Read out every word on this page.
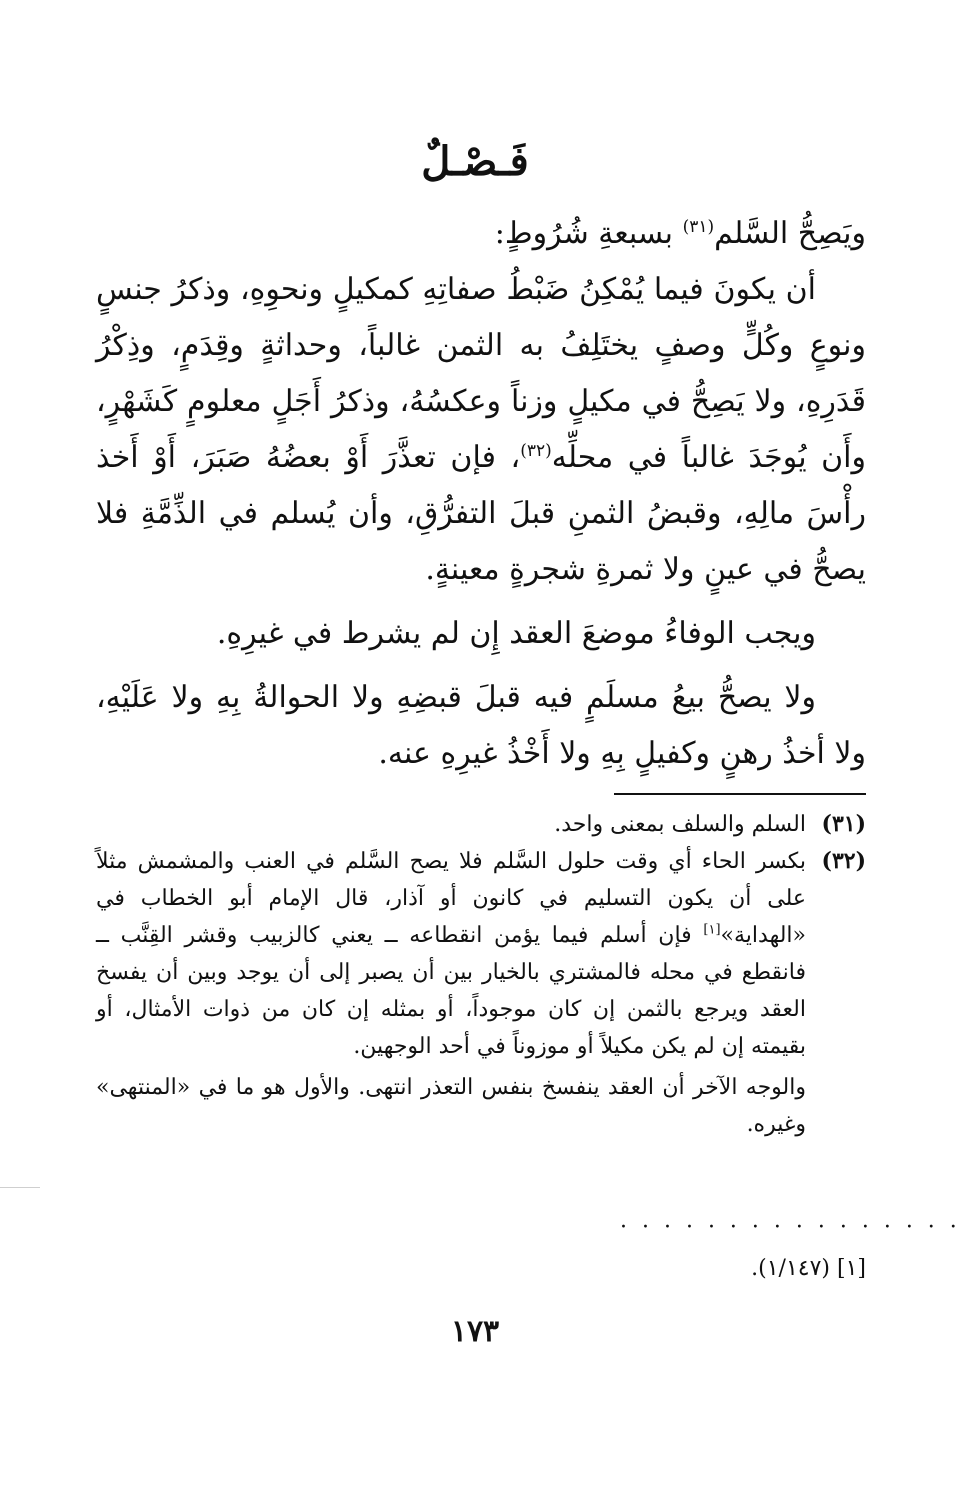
فَـصْـلٌ

ويَصِحُّ السَّلم$^{(٣١)}$ بسبعةِ شُرُوطٍ:

أن يكونَ فيما يُمْكِنُ ضَبْطُ صفاتِهِ كمكيلٍ ونحوِهِ، وذكرُ جنسٍ ونوعٍ وكُلٍّ وصفٍ يختَلِفُ به الثمن غالباً، وحداثةٍ وقِدَمٍ، وذِكْرُ قَدَرِهِ، ولا يَصِحُّ في مكيلٍ وزناً وعكسُهُ، وذكرُ أَجَلٍ معلومٍ كَشَهْرٍ، وأَن يُوجَدَ غالباً في محلِّه$^{(٣٢)}$، فإن تعذَّرَ أَوْ بعضُهُ صَبَرَ، أَوْ أَخذ رأْسَ مالِهِ، وقبضُ الثمنِ قبلَ التفرُّقِ، وأن يُسلم في الذِّمَّةِ فلا يصحُّ في عينٍ ولا ثمرةِ شجرةٍ معينةٍ.

ويجب الوفاءُ موضعَ العقد إِن لم يشرط في غيرِهِ.

ولا يصحُّ بيعُ مسلَمٍ فيه قبلَ قبضِهِ ولا الحوالةُ بِهِ ولا عَلَيْهِ، ولا أخذُ رهنٍ وكفيلٍ بِهِ ولا أَخْذُ غيرِهِ عنه.

(٣١)
السلم والسلف بمعنى واحد.
(٣٢)
بكسر الحاء أي وقت حلول السَّلم فلا يصح السَّلم في العنب والمشمش مثلاً على أن يكون التسليم في كانون أو آذار، قال الإمام أبو الخطاب في «الهداية»[١] فإن أسلم فيما يؤمن انقطاعه ــ يعني كالزبيب وقشر القِنَّب ــ فانقطع في محله فالمشتري بالخيار بين أن يصبر إلى أن يوجد وبين أن يفسخ العقد ويرجع بالثمن إن كان موجوداً، أو بمثله إن كان من ذوات الأمثال، أو بقيمته إن لم يكن مكيلاً أو موزوناً في أحد الوجهين.
والوجه الآخر أن العقد ينفسخ بنفس التعذر انتهى. والأول هو ما في «المنتهى» وغيره.
· · · · · · · · · · · · · · · ·
[١] (١/١٤٧).
١٧٣
